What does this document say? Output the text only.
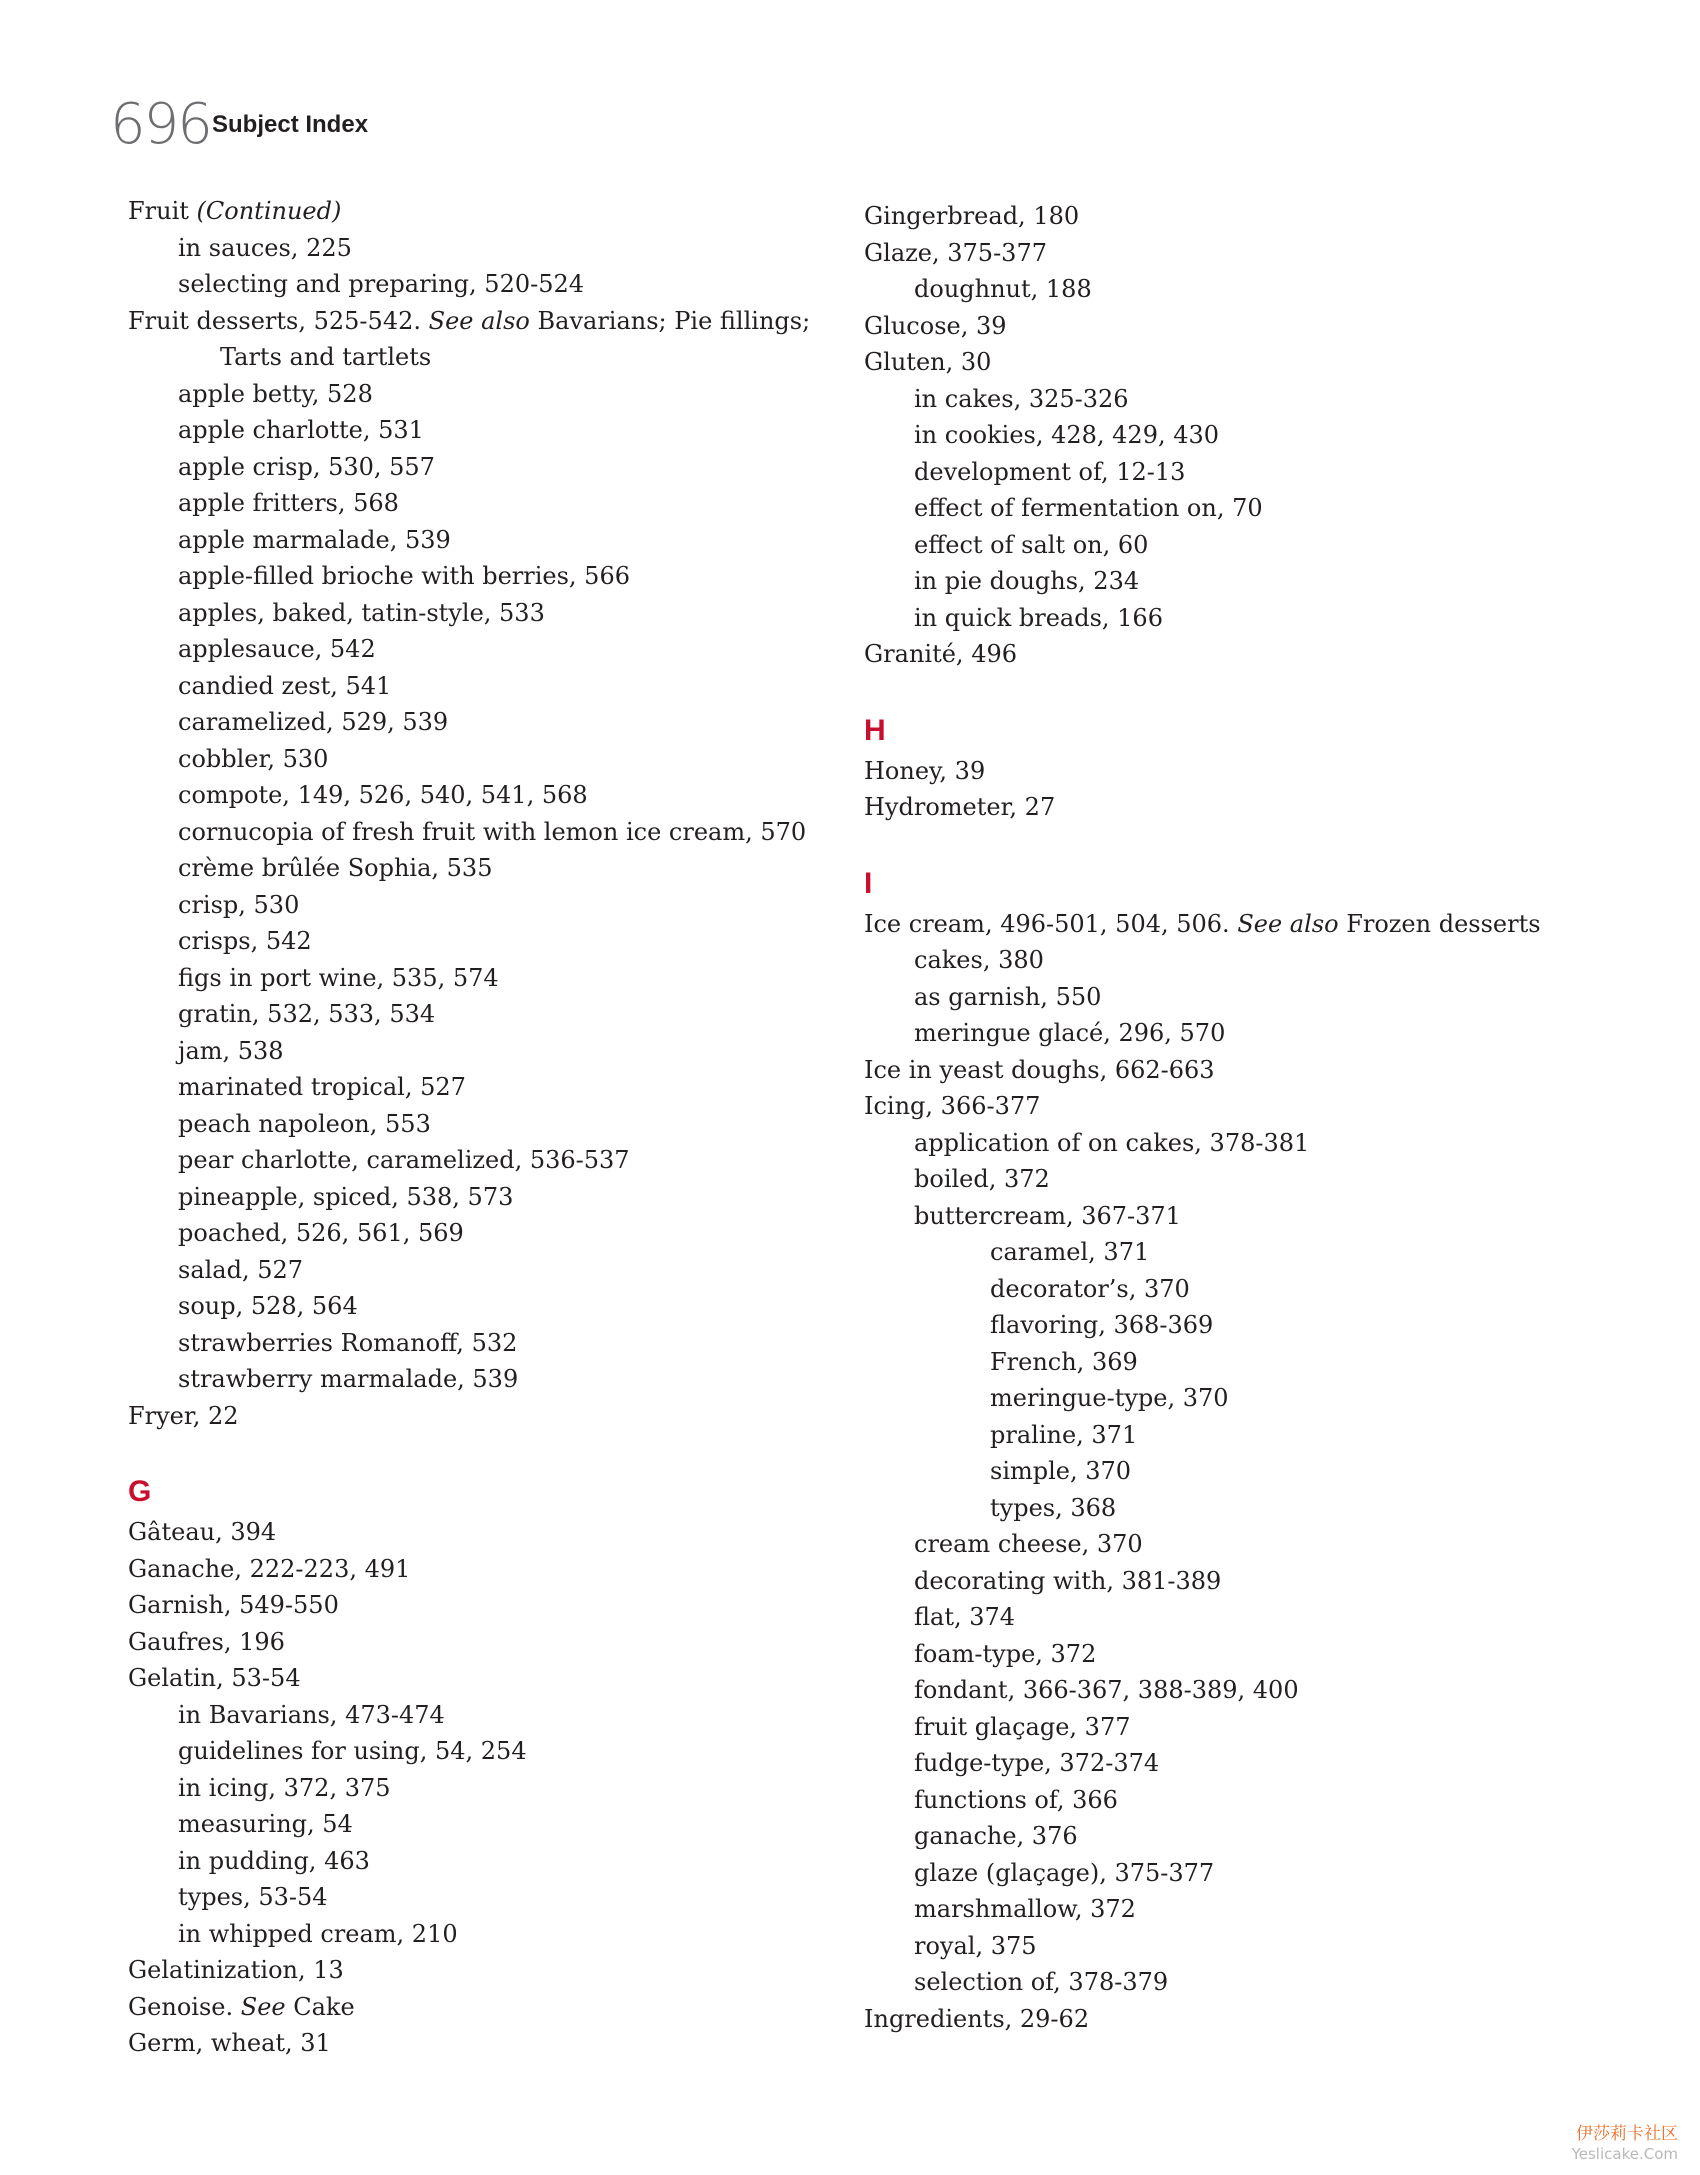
696 Subject Index
Fruit (Continued)
in sauces, 225
selecting and preparing, 520-524
Fruit desserts, 525-542. See also Bavarians; Pie fillings;
Tarts and tartlets
apple betty, 528
apple charlotte, 531
apple crisp, 530, 557
apple fritters, 568
apple marmalade, 539
apple-filled brioche with berries, 566
apples, baked, tatin-style, 533
applesauce, 542
candied zest, 541
caramelized, 529, 539
cobbler, 530
compote, 149, 526, 540, 541, 568
cornucopia of fresh fruit with lemon ice cream, 570
crème brûlée Sophia, 535
crisp, 530
crisps, 542
figs in port wine, 535, 574
gratin, 532, 533, 534
jam, 538
marinated tropical, 527
peach napoleon, 553
pear charlotte, caramelized, 536-537
pineapple, spiced, 538, 573
poached, 526, 561, 569
salad, 527
soup, 528, 564
strawberries Romanoff, 532
strawberry marmalade, 539
Fryer, 22
G
Gâteau, 394
Ganache, 222-223, 491
Garnish, 549-550
Gaufres, 196
Gelatin, 53-54
in Bavarians, 473-474
guidelines for using, 54, 254
in icing, 372, 375
measuring, 54
in pudding, 463
types, 53-54
in whipped cream, 210
Gelatinization, 13
Genoise. See Cake
Germ, wheat, 31
Gingerbread, 180
Glaze, 375-377
doughnut, 188
Glucose, 39
Gluten, 30
in cakes, 325-326
in cookies, 428, 429, 430
development of, 12-13
effect of fermentation on, 70
effect of salt on, 60
in pie doughs, 234
in quick breads, 166
Granité, 496
H
Honey, 39
Hydrometer, 27
I
Ice cream, 496-501, 504, 506. See also Frozen desserts
cakes, 380
as garnish, 550
meringue glacé, 296, 570
Ice in yeast doughs, 662-663
Icing, 366-377
application of on cakes, 378-381
boiled, 372
buttercream, 367-371
caramel, 371
decorator’s, 370
flavoring, 368-369
French, 369
meringue-type, 370
praline, 371
simple, 370
types, 368
cream cheese, 370
decorating with, 381-389
flat, 374
foam-type, 372
fondant, 366-367, 388-389, 400
fruit glaçage, 377
fudge-type, 372-374
functions of, 366
ganache, 376
glaze (glaçage), 375-377
marshmallow, 372
royal, 375
selection of, 378-379
Ingredients, 29-62
伊莎莉卡社区
Yeslicake.Com
